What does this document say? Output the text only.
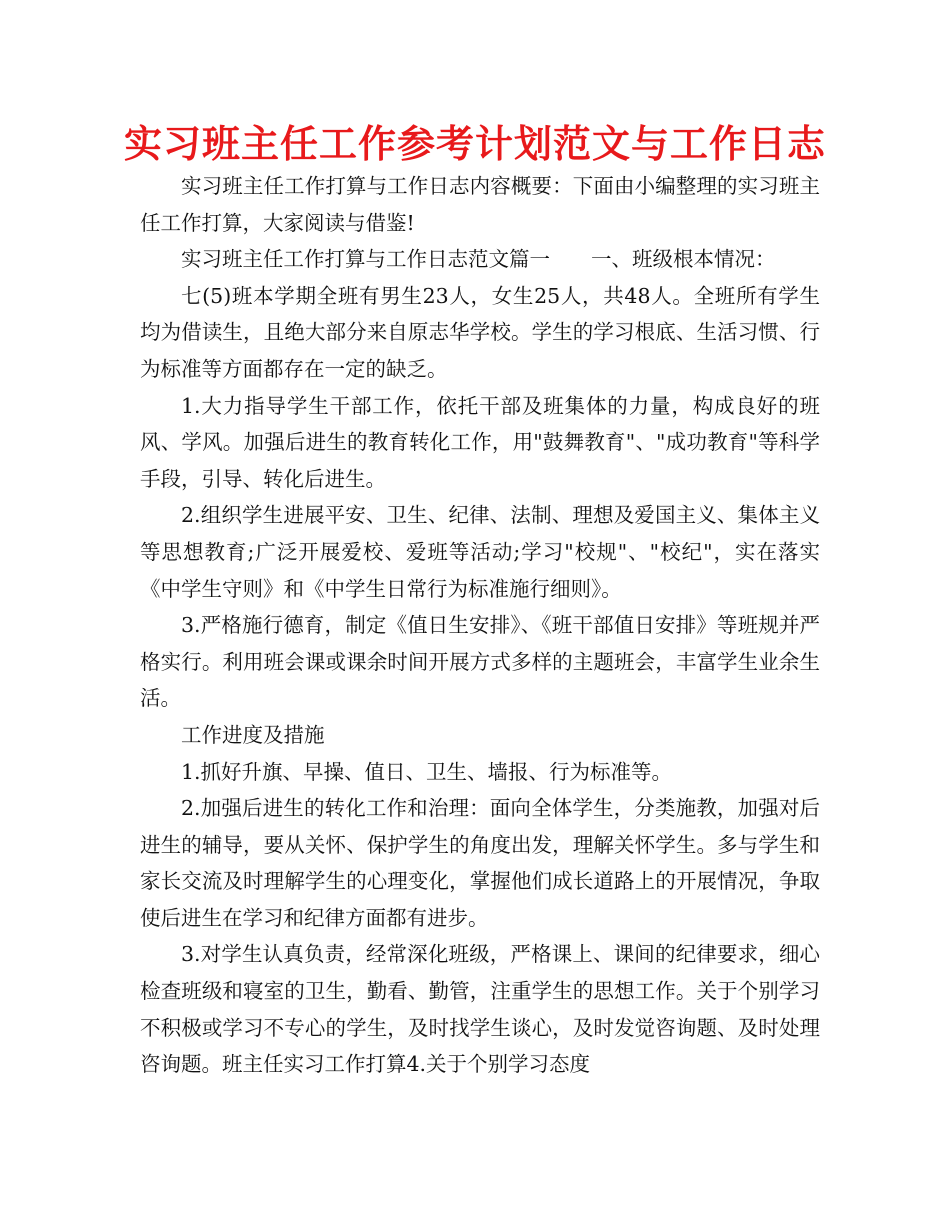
实习班主任工作参考计划范文与工作日志

实习班主任工作打算与工作日志内容概要：下面由小编整理的实习班主任工作打算，大家阅读与借鉴!

实习班主任工作打算与工作日志范文篇一　　一、班级根本情况：

七(5)班本学期全班有男生23人，女生25人，共48人。全班所有学生均为借读生，且绝大部分来自原志华学校。学生的学习根底、生活习惯、行为标准等方面都存在一定的缺乏。

1.大力指导学生干部工作，依托干部及班集体的力量，构成良好的班风、学风。加强后进生的教育转化工作，用"鼓舞教育"、"成功教育"等科学手段，引导、转化后进生。

2.组织学生进展平安、卫生、纪律、法制、理想及爱国主义、集体主义等思想教育;广泛开展爱校、爱班等活动;学习"校规"、"校纪"，实在落实《中学生守则》和《中学生日常行为标准施行细则》。

3.严格施行德育，制定《值日生安排》、《班干部值日安排》等班规并严格实行。利用班会课或课余时间开展方式多样的主题班会，丰富学生业余生活。

工作进度及措施

1.抓好升旗、早操、值日、卫生、墙报、行为标准等。

2.加强后进生的转化工作和治理：面向全体学生，分类施教，加强对后进生的辅导，要从关怀、保护学生的角度出发，理解关怀学生。多与学生和家长交流及时理解学生的心理变化，掌握他们成长道路上的开展情况，争取使后进生在学习和纪律方面都有进步。

3.对学生认真负责，经常深化班级，严格课上、课间的纪律要求，细心检查班级和寝室的卫生，勤看、勤管，注重学生的思想工作。关于个别学习不积极或学习不专心的学生，及时找学生谈心，及时发觉咨询题、及时处理咨询题。班主任实习工作打算4.关于个别学习态度
